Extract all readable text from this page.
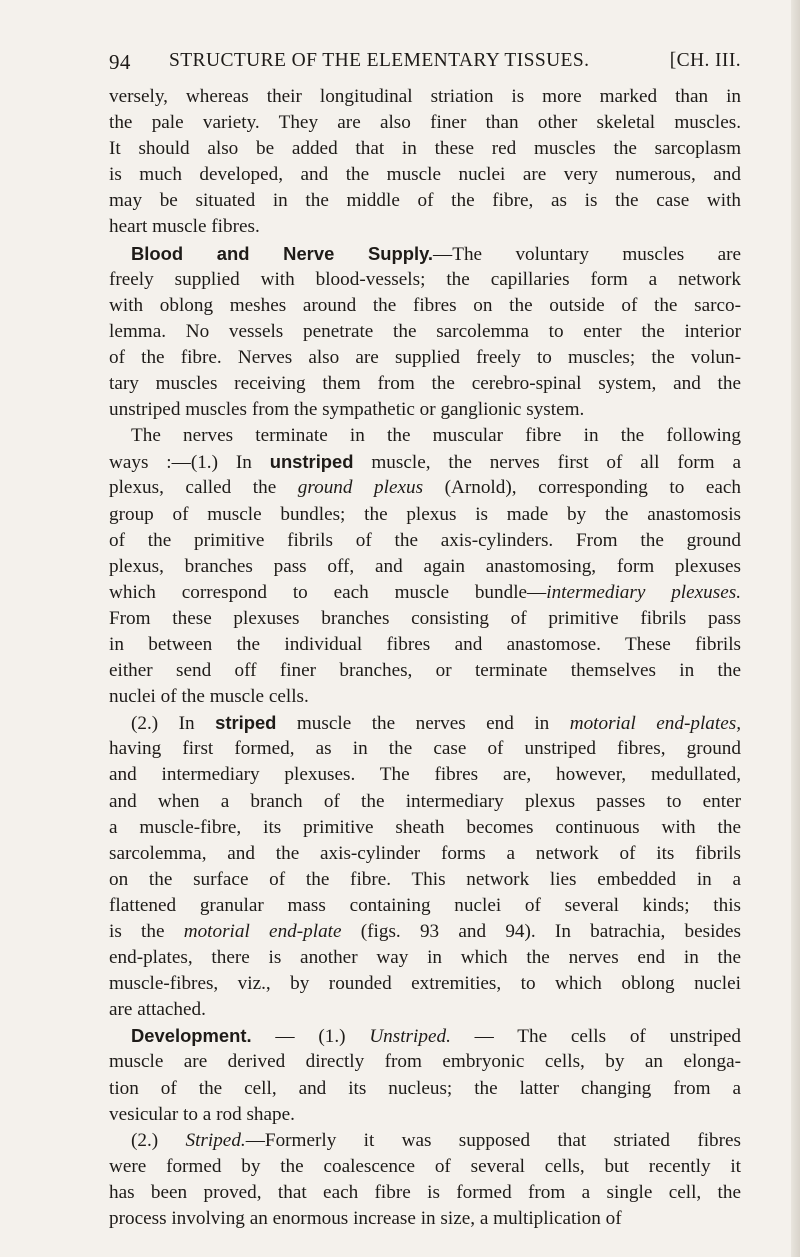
94 STRUCTURE OF THE ELEMENTARY TISSUES.	[CH. III.
versely, whereas their longitudinal striation is more marked than in
the pale variety. They are also finer than other skeletal muscles.
It should also be added that in these red muscles the sarcoplasm
is much developed, and the muscle nuclei are very numerous, and
may be situated in the middle of the fibre, as is the case with
heart muscle fibres.
Blood and Nerve Supply.—The voluntary muscles are
freely supplied with blood-vessels; the capillaries form a network
with oblong meshes around the fibres on the outside of the sarco-
lemma. No vessels penetrate the sarcolemma to enter the interior
of the fibre. Nerves also are supplied freely to muscles; the volun-
tary muscles receiving them from the cerebro-spinal system, and the
unstriped muscles from the sympathetic or ganglionic system.
The nerves terminate in the muscular fibre in the following
ways :—(1.) In unstriped muscle, the nerves first of all form a
plexus, called the ground plexus (Arnold), corresponding to each
group of muscle bundles; the plexus is made by the anastomosis
of the primitive fibrils of the axis-cylinders. From the ground
plexus, branches pass off, and again anastomosing, form plexuses
which correspond to each muscle bundle—intermediary plexuses.
From these plexuses branches consisting of primitive fibrils pass
in between the individual fibres and anastomose. These fibrils
either send off finer branches, or terminate themselves in the
nuclei of the muscle cells.
(2.) In striped muscle the nerves end in motorial end-plates,
having first formed, as in the case of unstriped fibres, ground
and intermediary plexuses. The fibres are, however, medullated,
and when a branch of the intermediary plexus passes to enter
a muscle-fibre, its primitive sheath becomes continuous with the
sarcolemma, and the axis-cylinder forms a network of its fibrils
on the surface of the fibre. This network lies embedded in a
flattened granular mass containing nuclei of several kinds; this
is the motorial end-plate (figs. 93 and 94). In batrachia, besides
end-plates, there is another way in which the nerves end in the
muscle-fibres, viz., by rounded extremities, to which oblong nuclei
are attached.
Development. — (1.) Unstriped. — The cells of unstriped
muscle are derived directly from embryonic cells, by an elonga-
tion of the cell, and its nucleus; the latter changing from a
vesicular to a rod shape.
(2.) Striped.—Formerly it was supposed that striated fibres
were formed by the coalescence of several cells, but recently it
has been proved, that each fibre is formed from a single cell, the
process involving an enormous increase in size, a multiplication of
